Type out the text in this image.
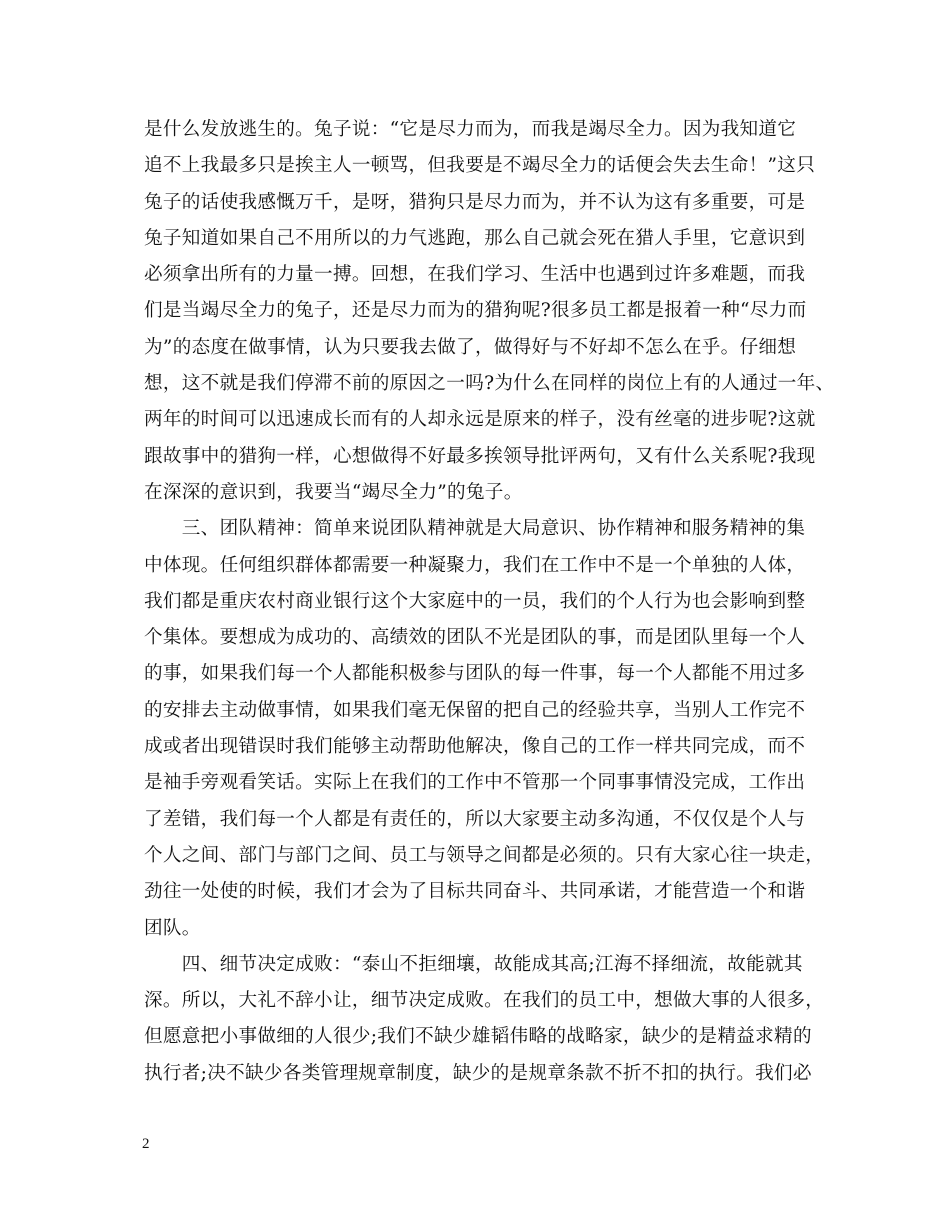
是什么发放逃生的。兔子说：“它是尽力而为，而我是竭尽全力。因为我知道它
追不上我最多只是挨主人一顿骂，但我要是不竭尽全力的话便会失去生命！”这只
兔子的话使我感慨万千，是呀，猎狗只是尽力而为，并不认为这有多重要，可是
兔子知道如果自己不用所以的力气逃跑，那么自己就会死在猎人手里，它意识到
必须拿出所有的力量一搏。回想，在我们学习、生活中也遇到过许多难题，而我
们是当竭尽全力的兔子，还是尽力而为的猎狗呢?很多员工都是报着一种“尽力而
为”的态度在做事情，认为只要我去做了，做得好与不好却不怎么在乎。仔细想
想，这不就是我们停滞不前的原因之一吗?为什么在同样的岗位上有的人通过一年、
两年的时间可以迅速成长而有的人却永远是原来的样子，没有丝毫的进步呢?这就
跟故事中的猎狗一样，心想做得不好最多挨领导批评两句，又有什么关系呢?我现
在深深的意识到，我要当“竭尽全力”的兔子。
　　三、团队精神：简单来说团队精神就是大局意识、协作精神和服务精神的集
中体现。任何组织群体都需要一种凝聚力，我们在工作中不是一个单独的人体，
我们都是重庆农村商业银行这个大家庭中的一员，我们的个人行为也会影响到整
个集体。要想成为成功的、高绩效的团队不光是团队的事，而是团队里每一个人
的事，如果我们每一个人都能积极参与团队的每一件事，每一个人都能不用过多
的安排去主动做事情，如果我们毫无保留的把自己的经验共享，当别人工作完不
成或者出现错误时我们能够主动帮助他解决，像自己的工作一样共同完成，而不
是袖手旁观看笑话。实际上在我们的工作中不管那一个同事事情没完成，工作出
了差错，我们每一个人都是有责任的，所以大家要主动多沟通，不仅仅是个人与
个人之间、部门与部门之间、员工与领导之间都是必须的。只有大家心往一块走，
劲往一处使的时候，我们才会为了目标共同奋斗、共同承诺，才能营造一个和谐
团队。
　　四、细节决定成败：“泰山不拒细壤，故能成其高;江海不择细流，故能就其
深。所以，大礼不辞小让，细节决定成败。在我们的员工中，想做大事的人很多，
但愿意把小事做细的人很少;我们不缺少雄韬伟略的战略家，缺少的是精益求精的
执行者;决不缺少各类管理规章制度，缺少的是规章条款不折不扣的执行。我们必
2
